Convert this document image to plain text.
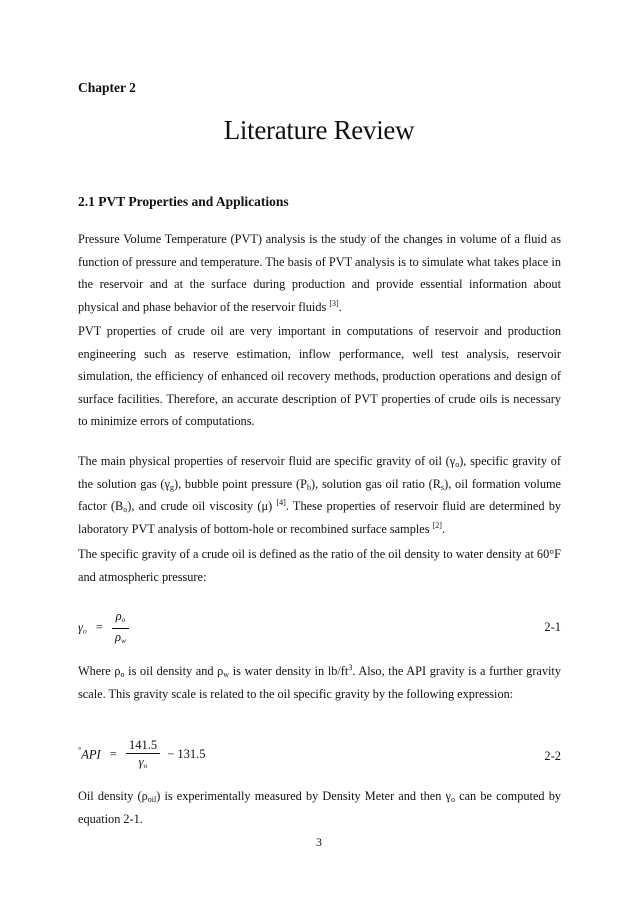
Chapter 2
Literature Review
2.1 PVT Properties and Applications

Pressure Volume Temperature (PVT) analysis is the study of the changes in volume of a fluid as function of pressure and temperature. The basis of PVT analysis is to simulate what takes place in the reservoir and at the surface during production and provide essential information about physical and phase behavior of the reservoir fluids [3].

PVT properties of crude oil are very important in computations of reservoir and production engineering such as reserve estimation, inflow performance, well test analysis, reservoir simulation, the efficiency of enhanced oil recovery methods, production operations and design of surface facilities. Therefore, an accurate description of PVT properties of crude oils is necessary to minimize errors of computations.

The main physical properties of reservoir fluid are specific gravity of oil $(\gamma_o)$, specific gravity of the solution gas $(\gamma_g)$, bubble point pressure $(P_b)$, solution gas oil ratio $(R_s)$, oil formation volume factor $(B_o)$, and crude oil viscosity (μ) [4]. These properties of reservoir fluid are determined by laboratory PVT analysis of bottom-hole or recombined surface samples [2].

The specific gravity of a crude oil is defined as the ratio of the oil density to water density at 60°F and atmospheric pressure:

$\gamma o = \frac{\rho o}{\rho w}$	2-1

Where $\rho_o$ is oil density and $\rho_w$ is water density in $lb/ft^3$. Also, the API gravity is a further gravity scale. This gravity scale is related to the oil specific gravity by the following expression:

$^\circ API = \frac{141.5}{\gamma o} - 131.5$	2-2

Oil density $(\rho_{oil})$ is experimentally measured by Density Meter and then $\gamma_o$ can be computed by equation 2-1.

3
